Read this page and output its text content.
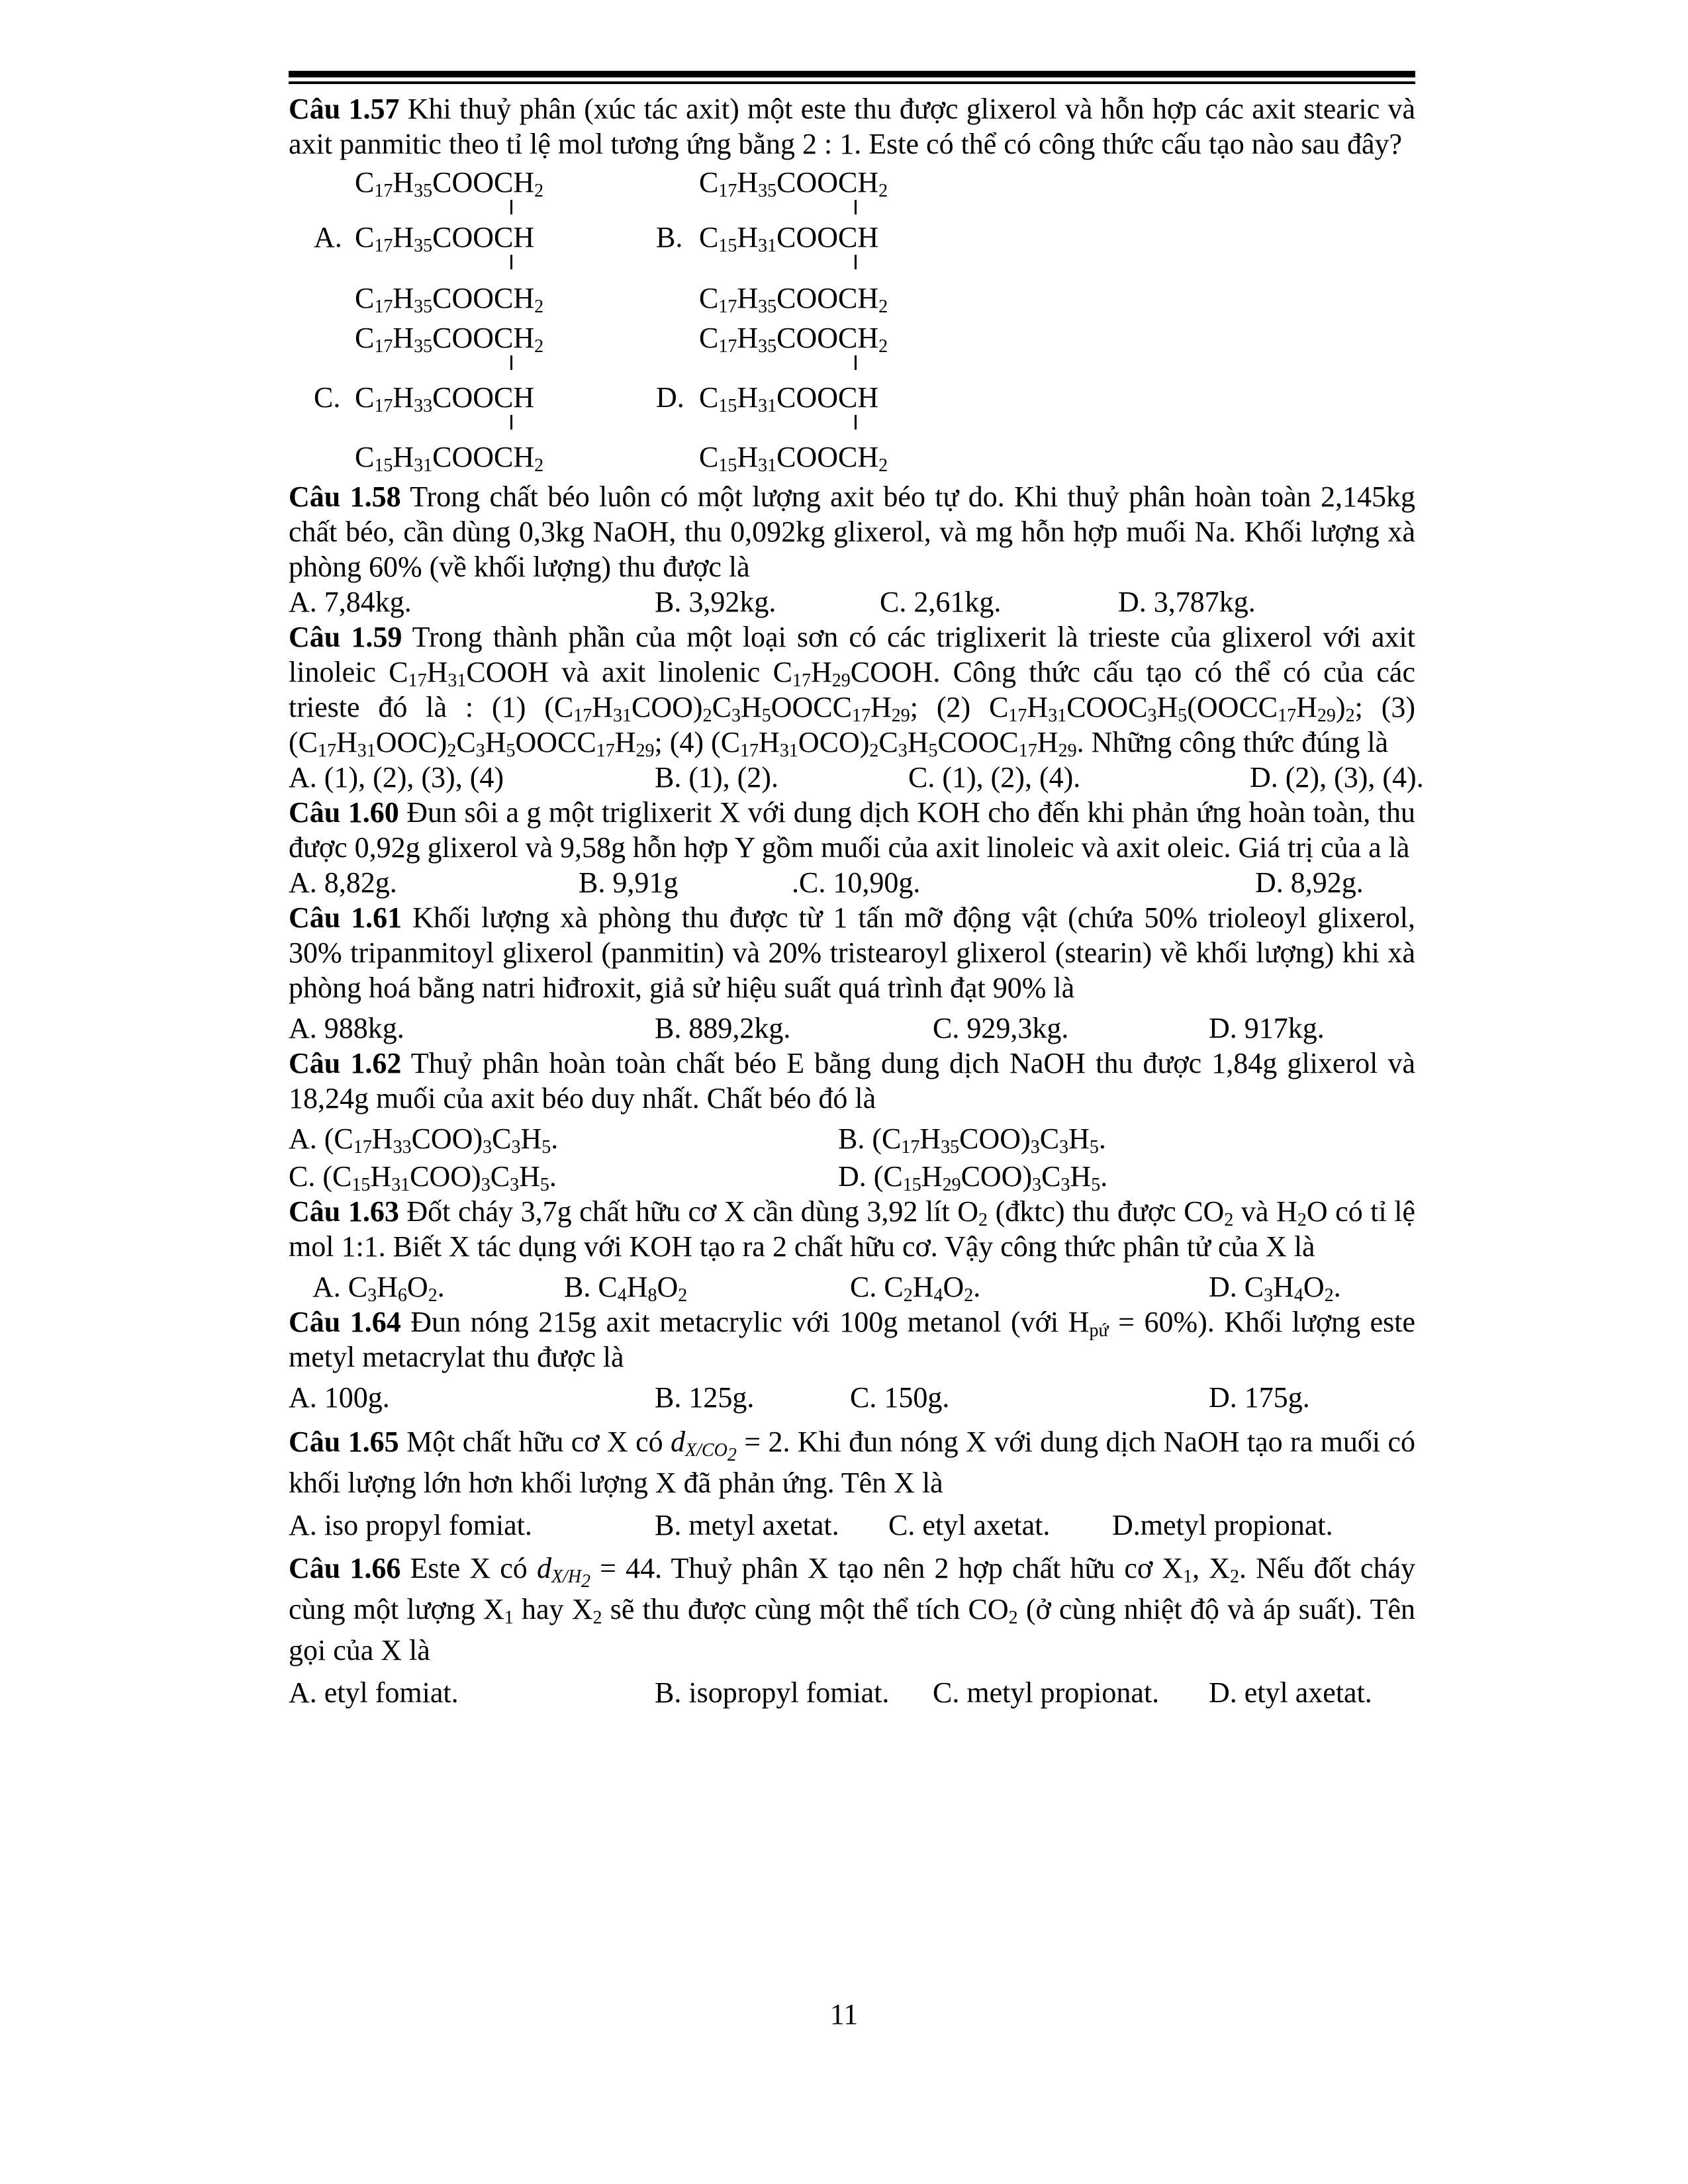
Câu 1.57 Khi thuỷ phân (xúc tác axit) một este thu được glixerol và hỗn hợp các axit stearic và axit panmitic theo tỉ lệ mol tương ứng bằng 2 : 1. Este có thể có công thức cấu tạo nào sau đây?
$C_{17}H_{35}COOCH_2$
A. $C_{17}H_{35}COOCH$
$C_{17}H_{35}COOCH_2$
$C_{17}H_{35}COOCH_2$
B. $C_{15}H_{31}COOCH$
$C_{17}H_{35}COOCH_2$
$C_{17}H_{35}COOCH_2$
C. $C_{17}H_{33}COOCH$
$C_{15}H_{31}COOCH_2$
$C_{17}H_{35}COOCH_2$
D. $C_{15}H_{31}COOCH$
$C_{15}H_{31}COOCH_2$
Câu 1.58 Trong chất béo luôn có một lượng axit béo tự do. Khi thuỷ phân hoàn toàn 2,145kg chất béo, cần dùng 0,3kg NaOH, thu 0,092kg glixerol, và mg hỗn hợp muối Na. Khối lượng xà phòng 60% (về khối lượng) thu được là
A. 7,84kg.	B. 3,92kg.	C. 2,61kg.	D. 3,787kg.
Câu 1.59 Trong thành phần của một loại sơn có các triglixerit là trieste của glixerol với axit linoleic $C_{17}H_{31}COOH$ và axit linolenic $C_{17}H_{29}COOH$. Công thức cấu tạo có thể có của các trieste đó là : (1) $(C_{17}H_{31}COO)_2C_3H_5OOCC_{17}H_{29}$; (2) $C_{17}H_{31}COOC_3H_5(OOCC_{17}H_{29})_2$; (3) $(C_{17}H_{31}OOC)_2C_3H_5OOCC_{17}H_{29}$; (4) $(C_{17}H_{31}OCO)_2C_3H_5COOC_{17}H_{29}$. Những công thức đúng là
A. (1), (2), (3), (4)	B. (1), (2).	C. (1), (2), (4).	D. (2), (3), (4).
Câu 1.60 Đun sôi a g một triglixerit X với dung dịch KOH cho đến khi phản ứng hoàn toàn, thu được 0,92g glixerol và 9,58g hỗn hợp Y gồm muối của axit linoleic và axit oleic. Giá trị của a là
A. 8,82g.	B. 9,91g	.C. 10,90g.	D. 8,92g.
Câu 1.61 Khối lượng xà phòng thu được từ 1 tấn mỡ động vật (chứa 50% trioleoyl glixerol, 30% tripanmitoyl glixerol (panmitin) và 20% tristearoyl glixerol (stearin) về khối lượng) khi xà phòng hoá bằng natri hiđroxit, giả sử hiệu suất quá trình đạt 90% là
A. 988kg.	B. 889,2kg.	C. 929,3kg.	D. 917kg.
Câu 1.62 Thuỷ phân hoàn toàn chất béo E bằng dung dịch NaOH thu được 1,84g glixerol và 18,24g muối của axit béo duy nhất. Chất béo đó là
A. $(C_{17}H_{33}COO)_3C_3H_5$.	B. $(C_{17}H_{35}COO)_3C_3H_5$.
C. $(C_{15}H_{31}COO)_3C_3H_5$.	D. $(C_{15}H_{29}COO)_3C_3H_5$.
Câu 1.63 Đốt cháy 3,7g chất hữu cơ X cần dùng 3,92 lít $O_2$ (đktc) thu được $CO_2$ và $H_2O$ có tỉ lệ mol 1:1. Biết X tác dụng với KOH tạo ra 2 chất hữu cơ. Vậy công thức phân tử của X là
A. $C_3H_6O_2$.	B. $C_4H_8O_2$	C. $C_2H_4O_2$.	D. $C_3H_4O_2$.
Câu 1.64 Đun nóng 215g axit metacrylic với 100g metanol (với $H_{pứ} = 60\%$). Khối lượng este metyl metacrylat thu được là
A. 100g.	B. 125g.	C. 150g.	D. 175g.
Câu 1.65 Một chất hữu cơ X có $d_{X/CO_2} = 2$. Khi đun nóng X với dung dịch NaOH tạo ra muối có khối lượng lớn hơn khối lượng X đã phản ứng. Tên X là
A. iso propyl fomiat.	B. metyl axetat. C. etyl axetat. D.metyl propionat.
Câu 1.66 Este X có $d_{X/H_2} = 44$. Thuỷ phân X tạo nên 2 hợp chất hữu cơ $X_1$, $X_2$. Nếu đốt cháy cùng một lượng $X_1$ hay $X_2$ sẽ thu được cùng một thể tích $CO_2$ (ở cùng nhiệt độ và áp suất). Tên gọi của X là
A. etyl fomiat.	B. isopropyl fomiat. C. metyl propionat. D. etyl axetat.
11
